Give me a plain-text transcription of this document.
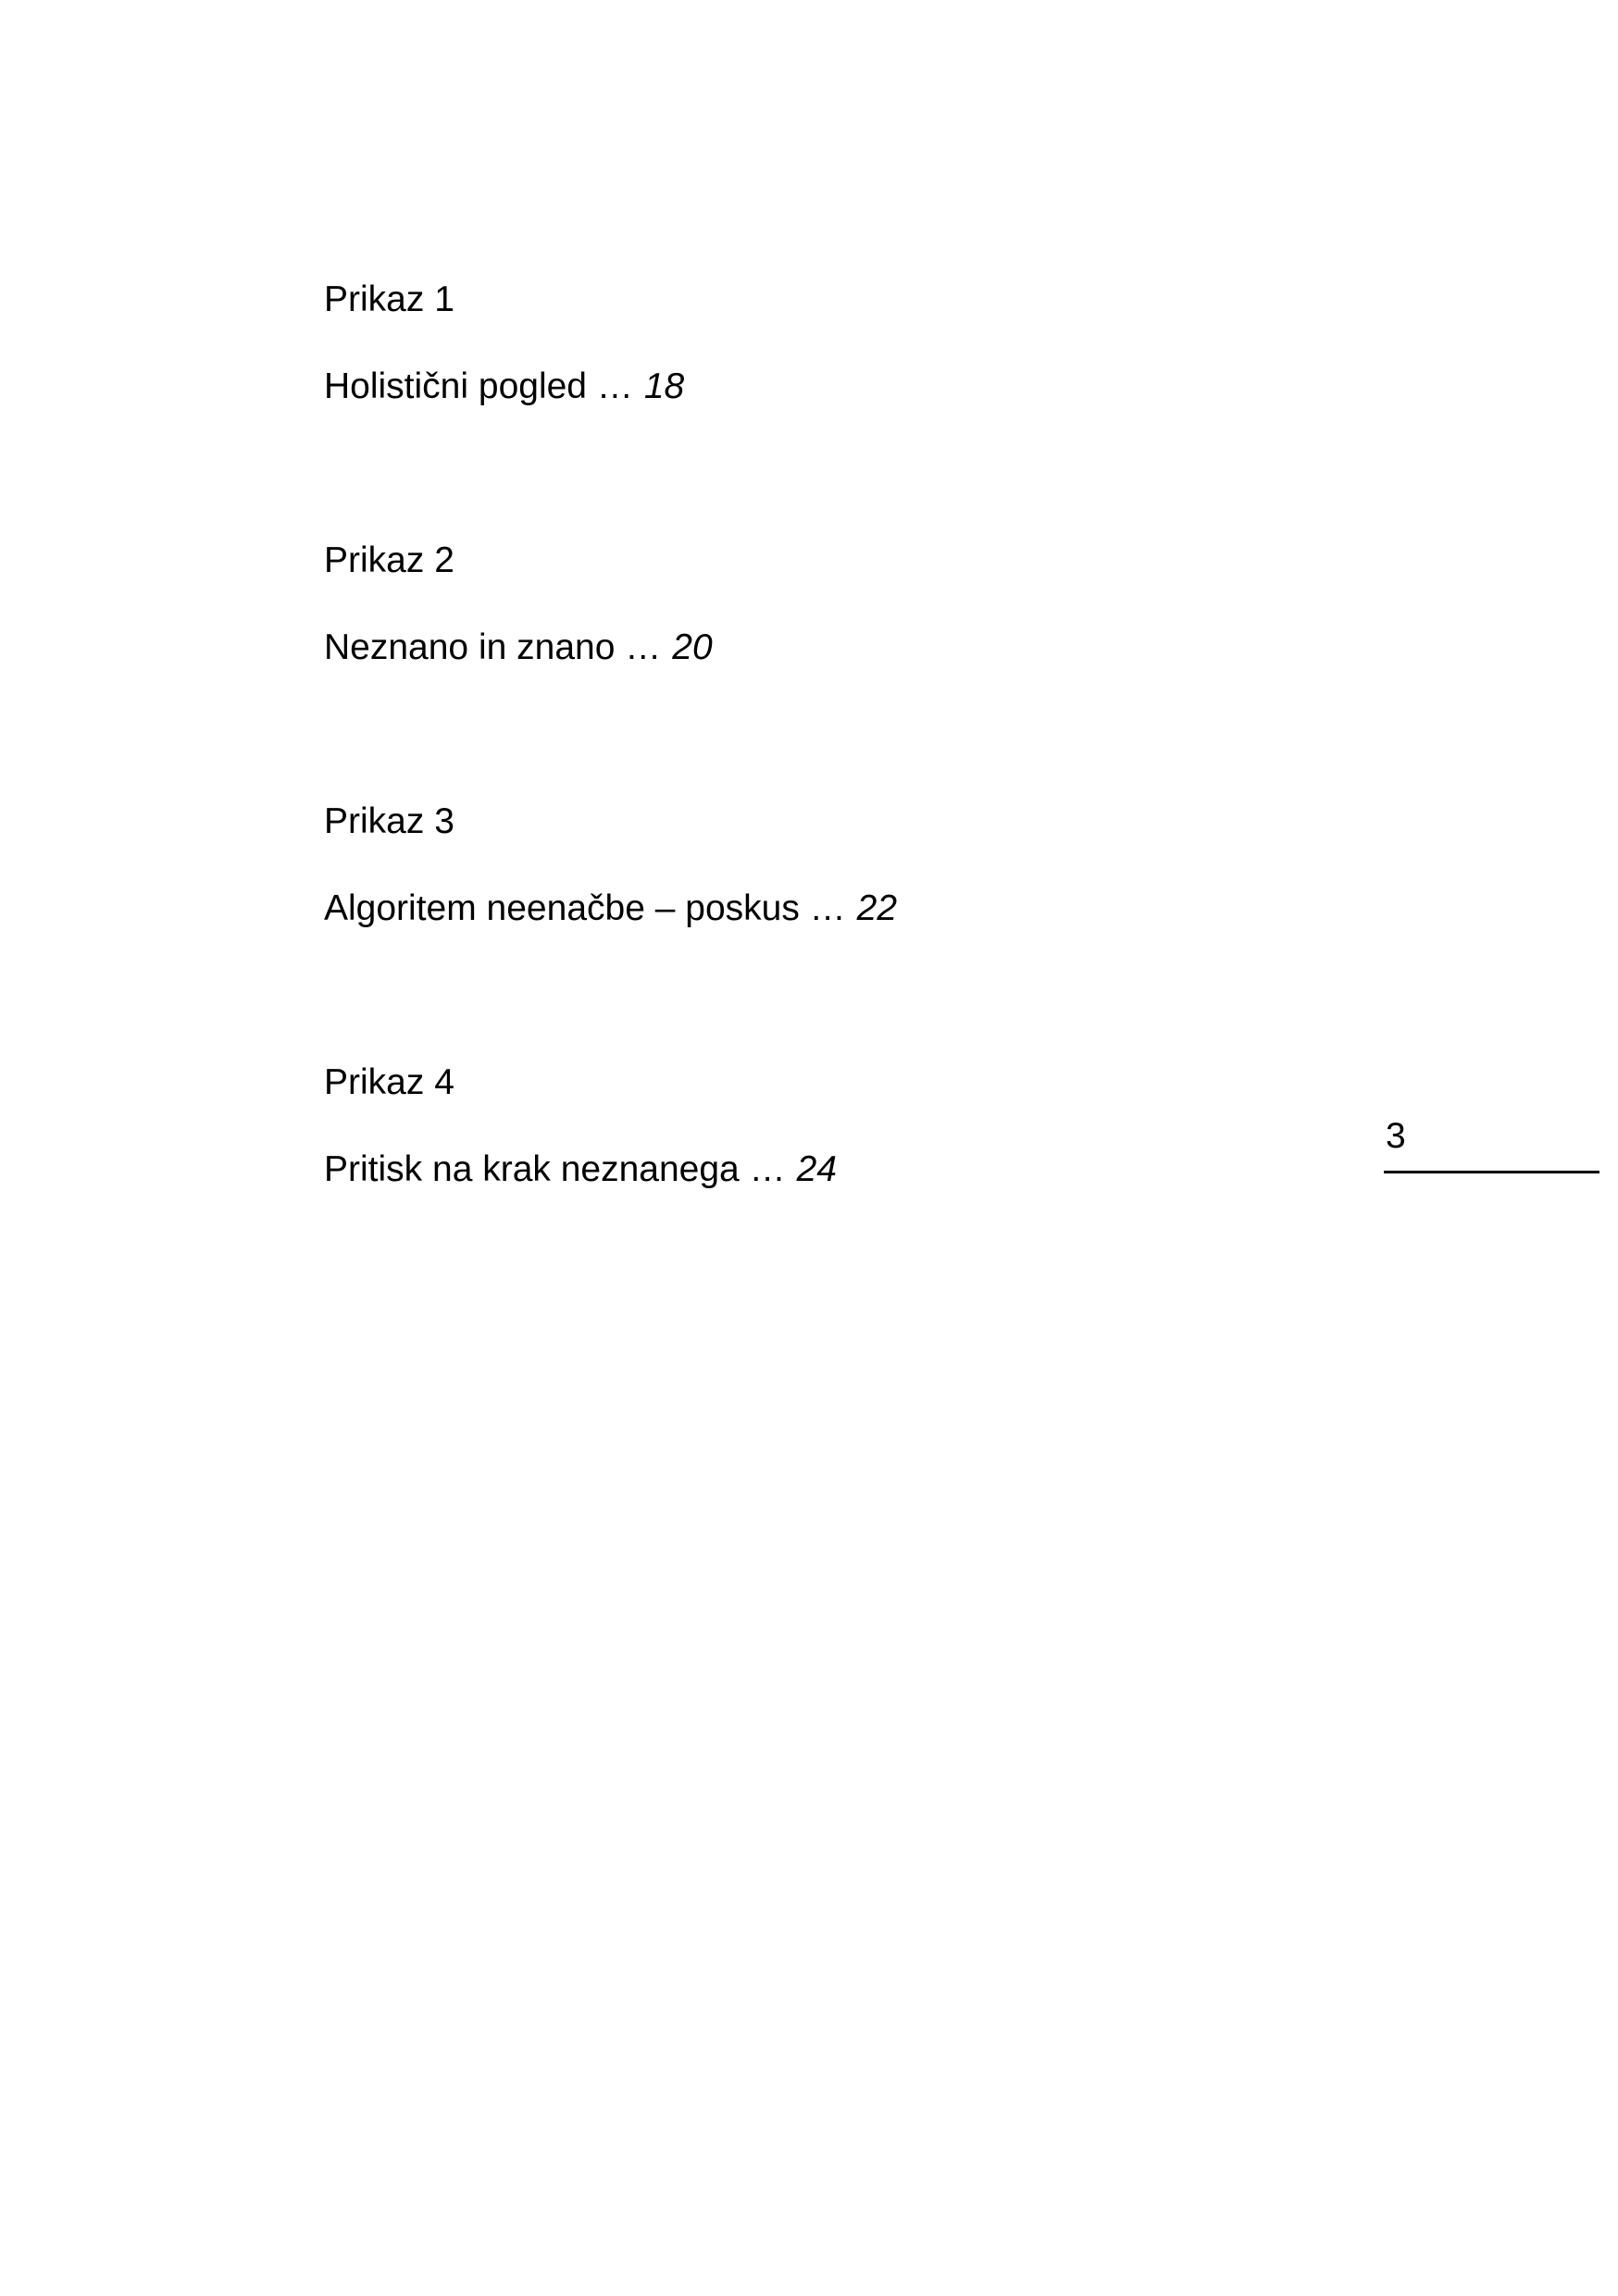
Prikaz 1
Holistični pogled … 18
Prikaz 2
Neznano in znano … 20
Prikaz 3
Algoritem neenačbe – poskus … 22
Prikaz 4
Pritisk na krak neznanega … 24
3
